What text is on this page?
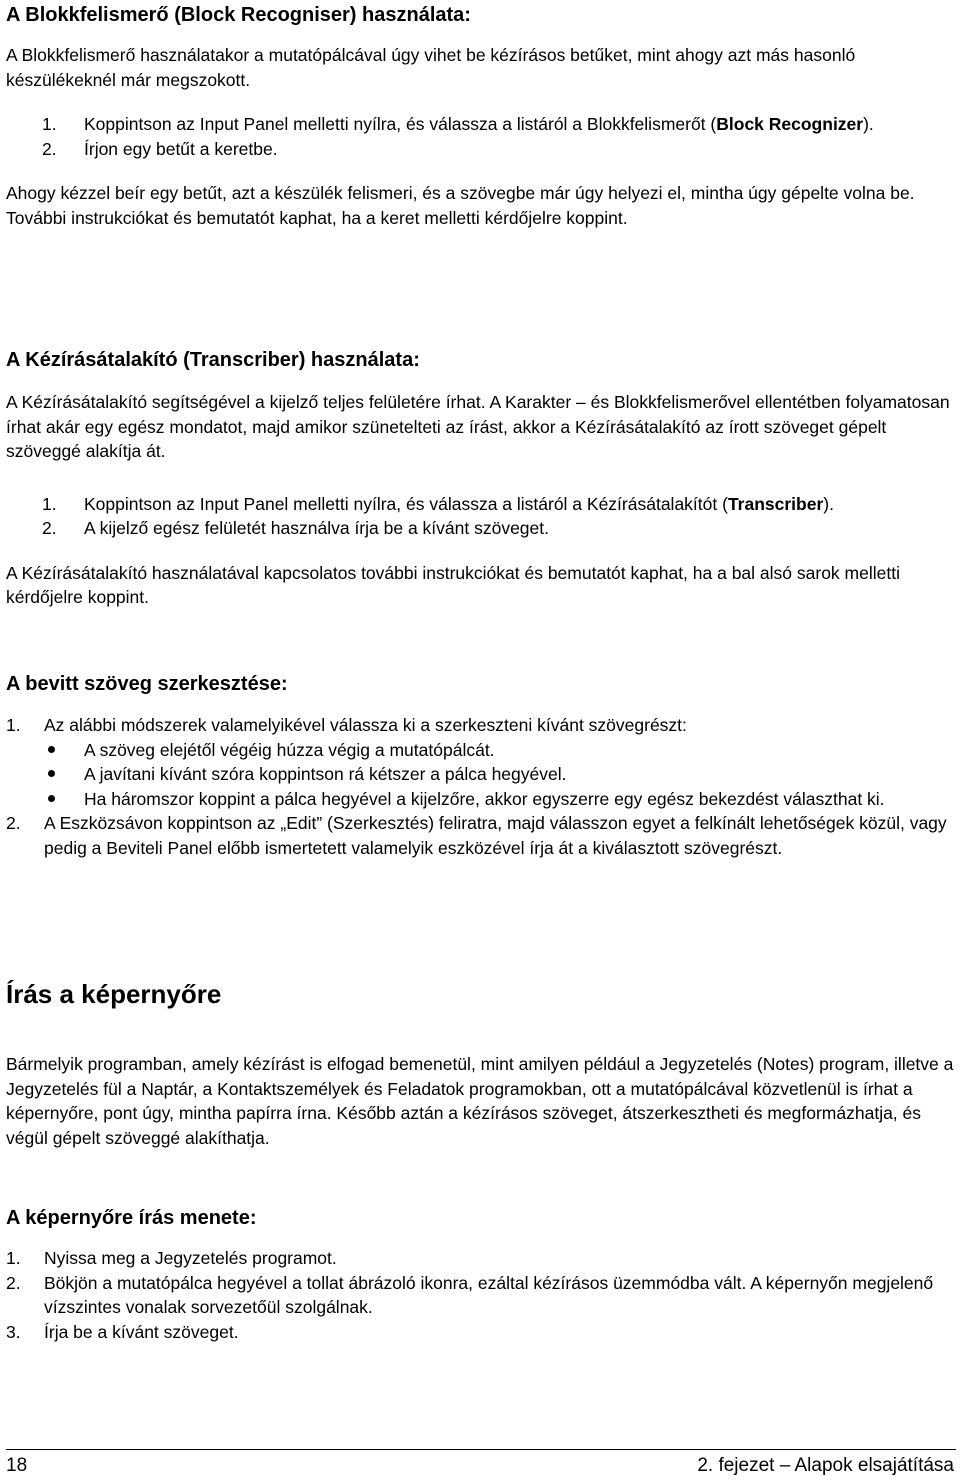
A Blokkfelismerő (Block Recogniser) használata:

A Blokkfelismerő használatakor a mutatópálcával úgy vihet be kézírásos betűket, mint ahogy azt más hasonló készülékeknél már megszokott.

1. Koppintson az Input Panel melletti nyílra, és válassza a listáról a Blokkfelismerőt (Block Recognizer).
2. Írjon egy betűt a keretbe.

Ahogy kézzel beír egy betűt, azt a készülék felismeri, és a szövegbe már úgy helyezi el, mintha úgy gépelte volna be. További instrukciókat és bemutatót kaphat, ha a keret melletti kérdőjelre koppint.

A Kézírásátalakító (Transcriber) használata:

A Kézírásátalakító segítségével a kijelző teljes felületére írhat. A Karakter – és Blokkfelismerővel ellentétben folyamatosan írhat akár egy egész mondatot, majd amikor szünetelteti az írást, akkor a Kézírásátalakító az írott szöveget gépelt szöveggé alakítja át.

1. Koppintson az Input Panel melletti nyílra, és válassza a listáról a Kézírásátalakítót (Transcriber).
2. A kijelző egész felületét használva írja be a kívánt szöveget.

A Kézírásátalakító használatával kapcsolatos további instrukciókat és bemutatót kaphat, ha a bal alsó sarok melletti kérdőjelre koppint.

A bevitt szöveg szerkesztése:
1. Az alábbi módszerek valamelyikével válassza ki a szerkeszteni kívánt szövegrészt:
A szöveg elejétől végéig húzza végig a mutatópálcát.
A javítani kívánt szóra koppintson rá kétszer a pálca hegyével.
Ha háromszor koppint a pálca hegyével a kijelzőre, akkor egyszerre egy egész bekezdést választhat ki.
2. A Eszközsávon koppintson az „Edit” (Szerkesztés) feliratra, majd válasszon egyet a felkínált lehetőségek közül, vagy pedig a Beviteli Panel előbb ismertetett valamelyik eszközével írja át a kiválasztott szövegrészt.
Írás a képernyőre

Bármelyik programban, amely kézírást is elfogad bemenetül, mint amilyen például a Jegyzetelés (Notes) program, illetve a Jegyzetelés fül a Naptár, a Kontaktszemélyek és Feladatok programokban, ott a mutatópálcával közvetlenül is írhat a képernyőre, pont úgy, mintha papírra írna. Később aztán a kézírásos szöveget, átszerkesztheti és megformázhatja, és végül gépelt szöveggé alakíthatja.

A képernyőre írás menete:
1. Nyissa meg a Jegyzetelés programot.
2. Bökjön a mutatópálca hegyével a tollat ábrázoló ikonra, ezáltal kézírásos üzemmódba vált. A képernyőn megjelenő vízszintes vonalak sorvezetőül szolgálnak.
3. Írja be a kívánt szöveget.
18	2. fejezet – Alapok elsajátítása
